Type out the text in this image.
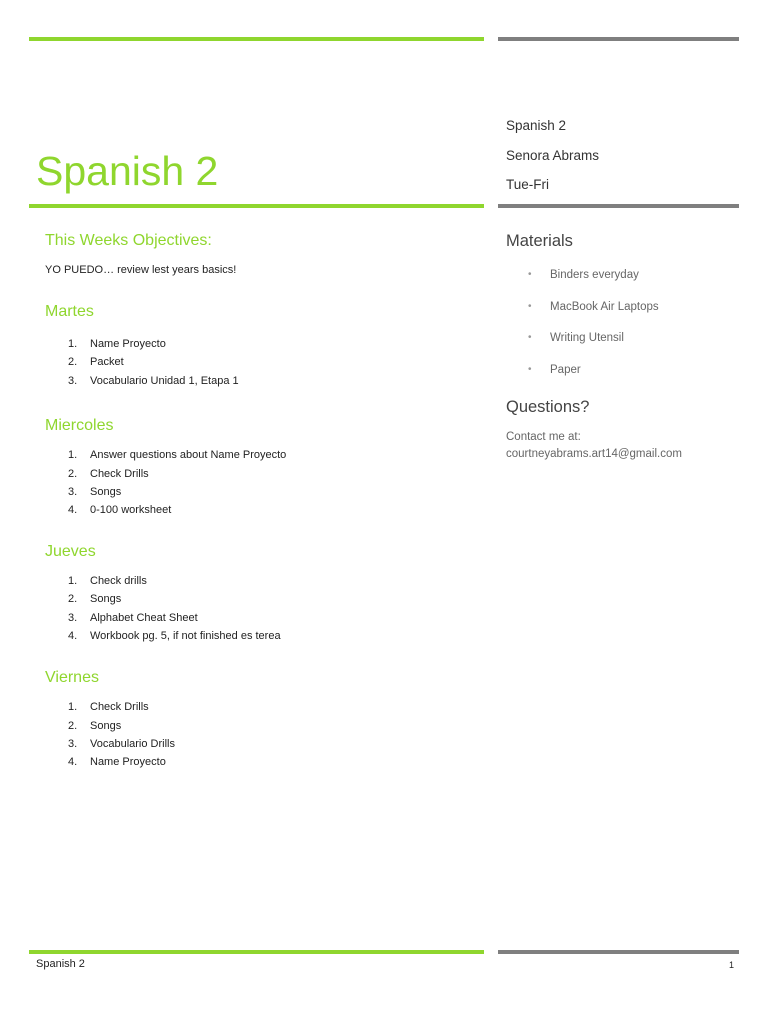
Spanish 2
Senora Abrams
Tue-Fri
Spanish 2
This Weeks Objectives:

YO PUEDO… review lest years basics!

Martes
1. Name Proyecto
2. Packet
3. Vocabulario Unidad 1, Etapa 1
Miercoles
1. Answer questions about Name Proyecto
2. Check Drills
3. Songs
4. 0-100 worksheet
Jueves
1. Check drills
2. Songs
3. Alphabet Cheat Sheet
4. Workbook pg. 5, if not finished es terea
Viernes
1. Check Drills
2. Songs
3. Vocabulario Drills
4. Name Proyecto
Materials
• Binders everyday
• MacBook Air Laptops
• Writing Utensil
• Paper
Questions?

Contact me at:

courtneyabrams.art14@gmail.com

Spanish 2	1
